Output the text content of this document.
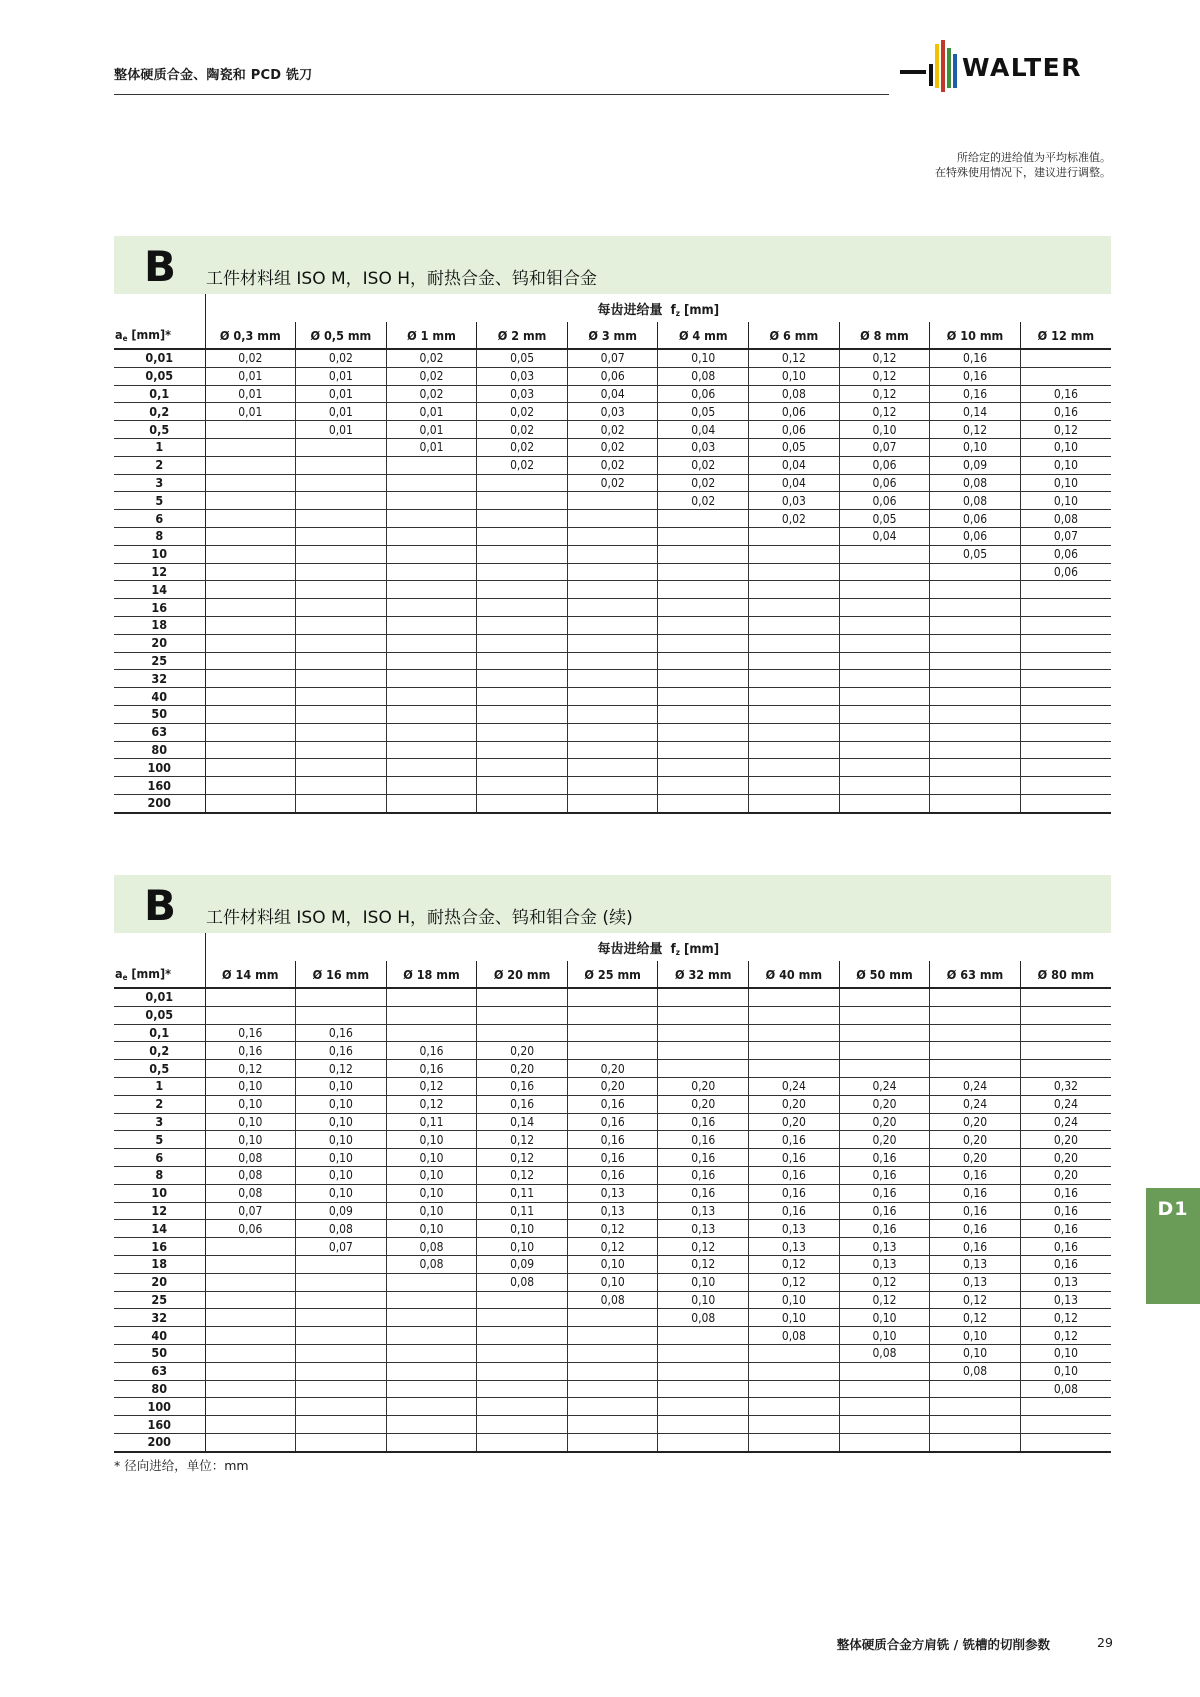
整体硬质合金、陶瓷和 PCD 铣刀	WALTER
所给定的进给值为平均标准值。
在特殊使用情况下，建议进行调整。
B 工件材料组 ISO M，ISO H，耐热合金、钨和钼合金
	每齿进给量 $f_z$ [mm]									
$a_e$ [mm]*	Ø 0,3 mm	Ø 0,5 mm	Ø 1 mm	Ø 2 mm	Ø 3 mm	Ø 4 mm	Ø 6 mm	Ø 8 mm	Ø 10 mm	Ø 12 mm
0,01	0,02	0,02	0,02	0,05	0,07	0,10	0,12	0,12	0,16	
0,05	0,01	0,01	0,02	0,03	0,06	0,08	0,10	0,12	0,16	
0,1	0,01	0,01	0,02	0,03	0,04	0,06	0,08	0,12	0,16	0,16
0,2	0,01	0,01	0,01	0,02	0,03	0,05	0,06	0,12	0,14	0,16
0,5		0,01	0,01	0,02	0,02	0,04	0,06	0,10	0,12	0,12
1			0,01	0,02	0,02	0,03	0,05	0,07	0,10	0,10
2				0,02	0,02	0,02	0,04	0,06	0,09	0,10
3					0,02	0,02	0,04	0,06	0,08	0,10
5						0,02	0,03	0,06	0,08	0,10
6							0,02	0,05	0,06	0,08
8								0,04	0,06	0,07
10									0,05	0,06
12										0,06
14										
16										
18										
20										
25										
32										
40										
50										
63										
80										
100										
160										
200										
B 工件材料组 ISO M，ISO H，耐热合金、钨和钼合金 (续)
	每齿进给量 $f_z$ [mm]									
$a_e$ [mm]*	Ø 14 mm	Ø 16 mm	Ø 18 mm	Ø 20 mm	Ø 25 mm	Ø 32 mm	Ø 40 mm	Ø 50 mm	Ø 63 mm	Ø 80 mm
0,01										
0,05										
0,1	0,16	0,16								
0,2	0,16	0,16	0,16	0,20						
0,5	0,12	0,12	0,16	0,20	0,20					
1	0,10	0,10	0,12	0,16	0,20	0,20	0,24	0,24	0,24	0,32
2	0,10	0,10	0,12	0,16	0,16	0,20	0,20	0,20	0,24	0,24
3	0,10	0,10	0,11	0,14	0,16	0,16	0,20	0,20	0,20	0,24
5	0,10	0,10	0,10	0,12	0,16	0,16	0,16	0,20	0,20	0,20
6	0,08	0,10	0,10	0,12	0,16	0,16	0,16	0,16	0,20	0,20
8	0,08	0,10	0,10	0,12	0,16	0,16	0,16	0,16	0,16	0,20
10	0,08	0,10	0,10	0,11	0,13	0,16	0,16	0,16	0,16	0,16
12	0,07	0,09	0,10	0,11	0,13	0,13	0,16	0,16	0,16	0,16
14	0,06	0,08	0,10	0,10	0,12	0,13	0,13	0,16	0,16	0,16
16		0,07	0,08	0,10	0,12	0,12	0,13	0,13	0,16	0,16
18			0,08	0,09	0,10	0,12	0,12	0,13	0,13	0,16
20				0,08	0,10	0,10	0,12	0,12	0,13	0,13
25					0,08	0,10	0,10	0,12	0,12	0,13
32						0,08	0,10	0,10	0,12	0,12
40							0,08	0,10	0,10	0,12
50								0,08	0,10	0,10
63									0,08	0,10
80										0,08
100										
160										
200										
* 径向进给，单位：mm
D1
整体硬质合金方肩铣 / 铣槽的切削参数	29
